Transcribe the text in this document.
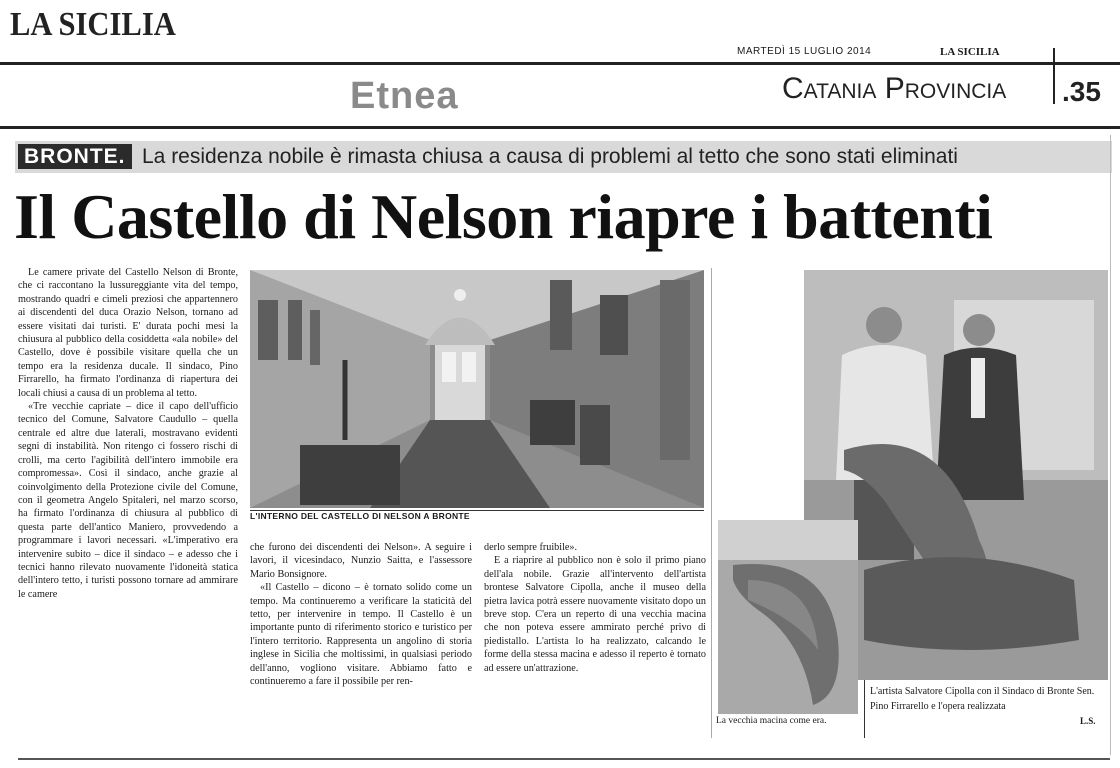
LA SICILIA
MARTEDÌ 15 LUGLIO 2014	LA SICILIA
Etnea	Catania Provincia .35
BRONTE. La residenza nobile è rimasta chiusa a causa di problemi al tetto che sono stati eliminati
Il Castello di Nelson riapre i battenti

Le camere private del Castello Nelson di Bronte, che ci raccontano la lussureggiante vita del tempo, mostrando quadri e cimeli preziosi che appartennero ai discendenti del duca Orazio Nelson, tornano ad essere visitati dai turisti. E' durata pochi mesi la chiusura al pubblico della cosiddetta «ala nobile» del Castello, dove è possibile visitare quella che un tempo era la residenza ducale. Il sindaco, Pino Firrarello, ha firmato l'ordinanza di riapertura dei locali chiusi a causa di un problema al tetto.

«Tre vecchie capriate – dice il capo dell'ufficio tecnico del Comune, Salvatore Caudullo – quella centrale ed altre due laterali, mostravano evidenti segni di instabilità. Non ritengo ci fossero rischi di crolli, ma certo l'agibilità dell'intero immobile era compromessa». Così il sindaco, anche grazie al coinvolgimento della Protezione civile del Comune, con il geometra Angelo Spitaleri, nel marzo scorso, ha firmato l'ordinanza di chiusura al pubblico di questa parte dell'antico Maniero, provvedendo a programmare i lavori necessari. «L'imperativo era intervenire subito – dice il sindaco – e adesso che i tecnici hanno rilevato nuovamente l'idoneità statica dell'intero tetto, i turisti possono tornare ad ammirare le camere

L'INTERNO DEL CASTELLO DI NELSON A BRONTE

che furono dei discendenti dei Nelson». A seguire i lavori, il vicesindaco, Nunzio Saitta, e l'assessore Mario Bonsignore.

«Il Castello – dicono – è tornato solido come un tempo. Ma continueremo a verificare la staticità del tetto, per intervenire in tempo. Il Castello è un importante punto di riferimento storico e turistico per l'intero territorio. Rappresenta un angolino di storia inglese in Sicilia che moltissimi, in qualsiasi periodo dell'anno, vogliono visitare. Abbiamo fatto e continueremo a fare il possibile per ren-

derlo sempre fruibile».

E a riaprire al pubblico non è solo il primo piano dell'ala nobile. Grazie all'intervento dell'artista brontese Salvatore Cipolla, anche il museo della pietra lavica potrà essere nuovamente visitato dopo un breve stop. C'era un reperto di una vecchia macina che non poteva essere ammirato perché privo di piedistallo. L'artista lo ha realizzato, calcando le forme della stessa macina e adesso il reperto è tornato ad essere un'attrazione.

La vecchia macina come era.
L'artista Salvatore Cipolla con il Sindaco di Bronte Sen. Pino Firrarello e l'opera realizzata
L.S.
